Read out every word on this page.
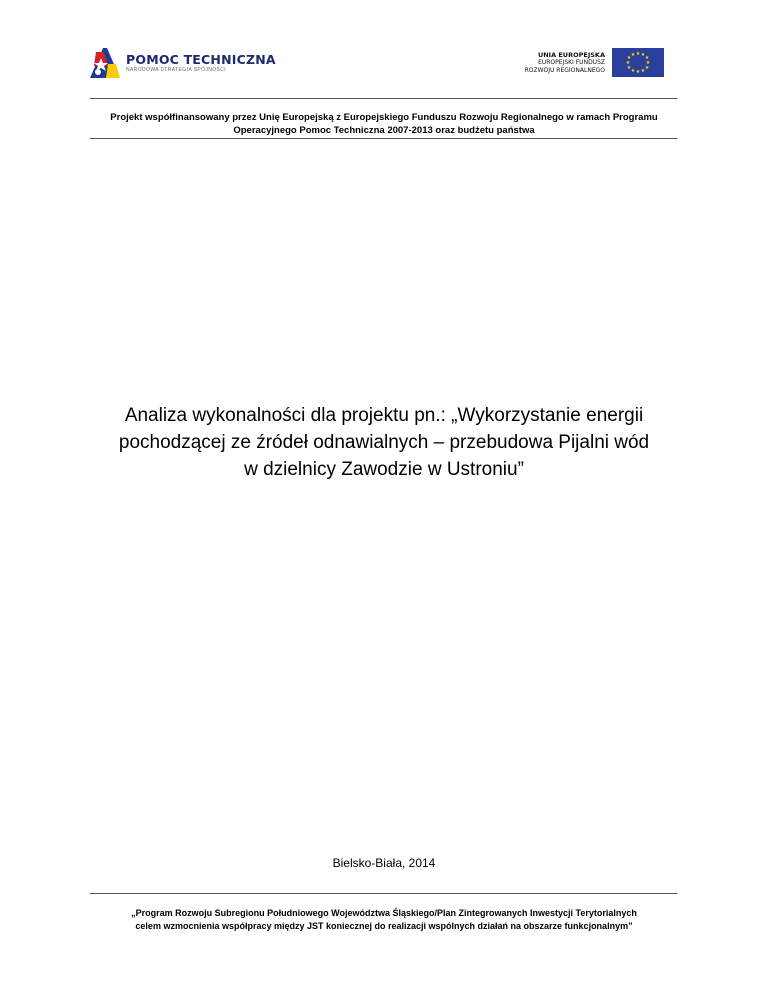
POMOC TECHNICZNA
NARODOWA STRATEGIA SPÓJNOŚCI
UNIA EUROPEJSKA
EUROPEJSKI FUNDUSZ
ROZWOJU REGIONALNEGO
★ ★ ★
★
★
★
★
★
★
★
★ ★
Projekt współfinansowany przez Unię Europejską z Europejskiego Funduszu Rozwoju Regionalnego w ramach Programu
Operacyjnego Pomoc Techniczna 2007-2013 oraz budżetu państwa
Analiza wykonalności dla projektu pn.: „Wykorzystanie energii
pochodzącej ze źródeł odnawialnych – przebudowa Pijalni wód
w dzielnicy Zawodzie w Ustroniu”
Bielsko-Biała, 2014
„Program Rozwoju Subregionu Południowego Województwa Śląskiego/Plan Zintegrowanych Inwestycji Terytorialnych
celem wzmocnienia współpracy między JST koniecznej do realizacji wspólnych działań na obszarze funkcjonalnym”
